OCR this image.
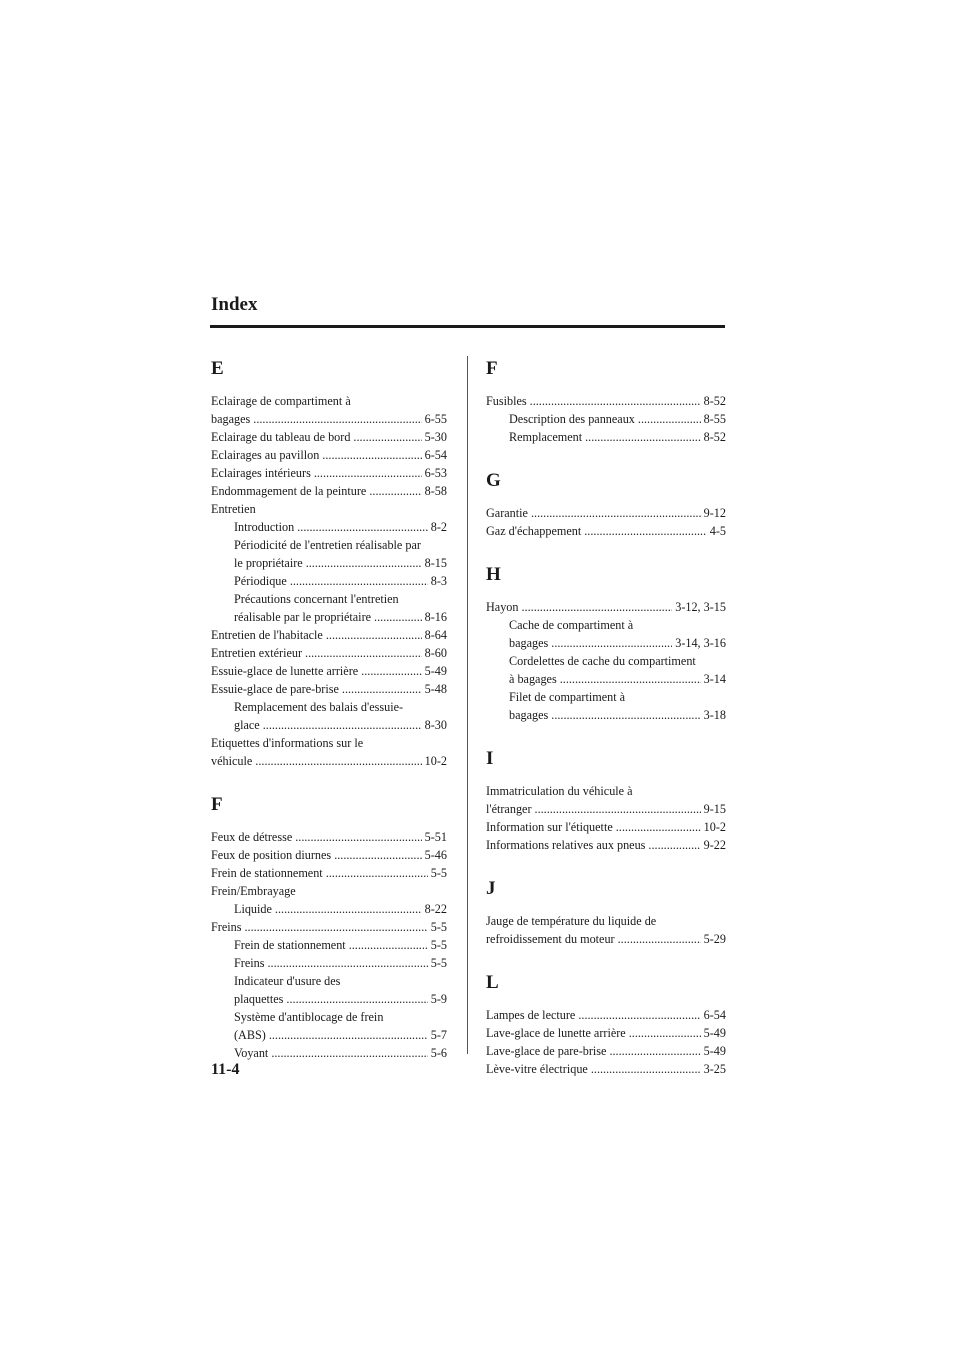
Index
E
Eclairage de compartiment à
bagages .....	6-55
Eclairage du tableau de bord .....	5-30
Eclairages au pavillon .....	6-54
Eclairages intérieurs .....	6-53
Endommagement de la peinture .....	8-58
Entretien
Introduction .....	8-2
Périodicité de l'entretien réalisable par
le propriétaire .....	8-15
Périodique .....	8-3
Précautions concernant l'entretien
réalisable par le propriétaire .....	8-16
Entretien de l'habitacle .....	8-64
Entretien extérieur .....	8-60
Essuie-glace de lunette arrière .....	5-49
Essuie-glace de pare-brise .....	5-48
Remplacement des balais d'essuie-
glace .....	8-30
Etiquettes d'informations sur le
véhicule .....	10-2
F
Feux de détresse .....	5-51
Feux de position diurnes .....	5-46
Frein de stationnement .....	5-5
Frein/Embrayage
Liquide .....	8-22
Freins .....	5-5
Frein de stationnement .....	5-5
Freins .....	5-5
Indicateur d'usure des
plaquettes .....	5-9
Système d'antiblocage de frein
(ABS) .....	5-7
Voyant .....	5-6
F
Fusibles .....	8-52
Description des panneaux .....	8-55
Remplacement .....	8-52
G
Garantie .....	9-12
Gaz d'échappement .....	4-5
H
Hayon .....	3-12, 3-15
Cache de compartiment à
bagages .....	3-14, 3-16
Cordelettes de cache du compartiment
à bagages .....	3-14
Filet de compartiment à
bagages .....	3-18
I
Immatriculation du véhicule à
l'étranger .....	9-15
Information sur l'étiquette .....	10-2
Informations relatives aux pneus .....	9-22
J
Jauge de température du liquide de
refroidissement du moteur .....	5-29
L
Lampes de lecture .....	6-54
Lave-glace de lunette arrière .....	5-49
Lave-glace de pare-brise .....	5-49
Lève-vitre électrique .....	3-25
11-4
